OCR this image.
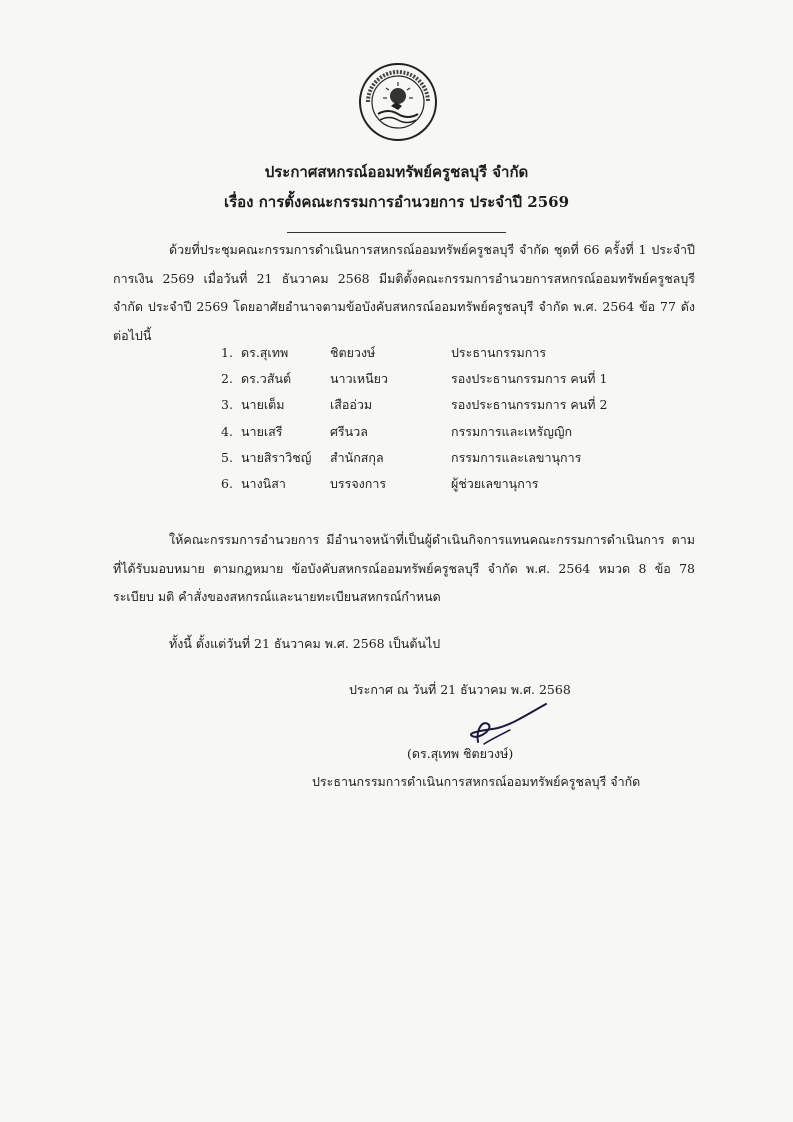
ประกาศสหกรณ์ออมทรัพย์ครูชลบุรี จำกัด
เรื่อง การตั้งคณะกรรมการอำนวยการ ประจำปี 2569
ด้วยที่ประชุมคณะกรรมการดำเนินการสหกรณ์ออมทรัพย์ครูชลบุรี จำกัด ชุดที่ 66 ครั้งที่ 1 ประจำปีการเงิน 2569 เมื่อวันที่ 21 ธันวาคม 2568 มีมติตั้งคณะกรรมการอำนวยการสหกรณ์ออมทรัพย์ครูชลบุรี จำกัด ประจำปี 2569 โดยอาศัยอำนาจตามข้อบังคับสหกรณ์ออมทรัพย์ครูชลบุรี จำกัด พ.ศ. 2564 ข้อ 77 ดังต่อไปนี้
1. ดร.สุเทพ	ชิตยวงษ์	ประธานกรรมการ
2. ดร.วสันต์	นาวเหนียว	รองประธานกรรมการ คนที่ 1
3. นายเต็ม	เสืออ่วม	รองประธานกรรมการ คนที่ 2
4. นายเสรี	ศรีนวล	กรรมการและเหรัญญิก
5. นายสิราวิชญ์ สำนักสกุล	กรรมการและเลขานุการ
6. นางนิสา	บรรจงการ	ผู้ช่วยเลขานุการ
ให้คณะกรรมการอำนวยการ มีอำนาจหน้าที่เป็นผู้ดำเนินกิจการแทนคณะกรรมการดำเนินการ ตามที่ได้รับมอบหมาย ตามกฎหมาย ข้อบังคับสหกรณ์ออมทรัพย์ครูชลบุรี จำกัด พ.ศ. 2564 หมวด 8 ข้อ 78 ระเบียบ มติ คำสั่งของสหกรณ์และนายทะเบียนสหกรณ์กำหนด
ทั้งนี้ ตั้งแต่วันที่ 21 ธันวาคม พ.ศ. 2568 เป็นต้นไป
ประกาศ ณ วันที่ 21 ธันวาคม พ.ศ. 2568
(ดร.สุเทพ ชิตยวงษ์)
ประธานกรรมการดำเนินการสหกรณ์ออมทรัพย์ครูชลบุรี จำกัด
